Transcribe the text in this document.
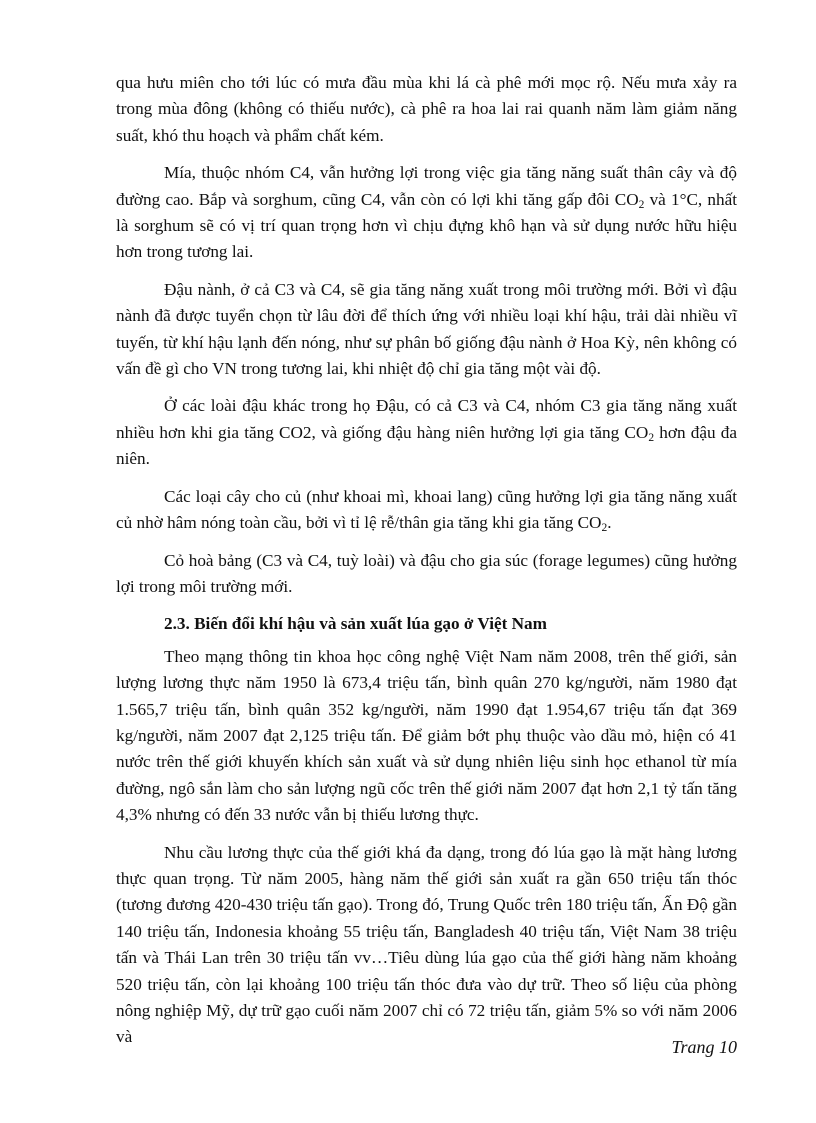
qua hưu miên cho tới lúc có mưa đầu mùa khi lá cà phê mới mọc rộ. Nếu mưa xảy ra trong mùa đông (không có thiếu nước), cà phê ra hoa lai rai quanh năm làm giảm năng suất, khó thu hoạch và phẩm chất kém.

Mía, thuộc nhóm C4, vẫn hưởng lợi trong việc gia tăng năng suất thân cây và độ đường cao. Bắp và sorghum, cũng C4, vẫn còn có lợi khi tăng gấp đôi $CO_2$ và 1°C, nhất là sorghum sẽ có vị trí quan trọng hơn vì chịu đựng khô hạn và sử dụng nước hữu hiệu hơn trong tương lai.

Đậu nành, ở cả C3 và C4, sẽ gia tăng năng xuất trong môi trường mới. Bởi vì đậu nành đã được tuyển chọn từ lâu đời để thích ứng với nhiều loại khí hậu, trải dài nhiều vĩ tuyến, từ khí hậu lạnh đến nóng, như sự phân bố giống đậu nành ở Hoa Kỳ, nên không có vấn đề gì cho VN trong tương lai, khi nhiệt độ chỉ gia tăng một vài độ.

Ở các loài đậu khác trong họ Đậu, có cả C3 và C4, nhóm C3 gia tăng năng xuất nhiều hơn khi gia tăng CO2, và giống đậu hàng niên hưởng lợi gia tăng $CO_2$ hơn đậu đa niên.

Các loại cây cho củ (như khoai mì, khoai lang) cũng hưởng lợi gia tăng năng xuất củ nhờ hâm nóng toàn cầu, bởi vì tỉ lệ rễ/thân gia tăng khi gia tăng $CO_2$.

Cỏ hoà bảng (C3 và C4, tuỳ loài) và đậu cho gia súc (forage legumes) cũng hưởng lợi trong môi trường mới.

2.3. Biến đổi khí hậu và sản xuất lúa gạo ở Việt Nam

Theo mạng thông tin khoa học công nghệ Việt Nam năm 2008, trên thế giới, sản lượng lương thực năm 1950 là 673,4 triệu tấn, bình quân 270 kg/người, năm 1980 đạt 1.565,7 triệu tấn, bình quân 352 kg/người, năm 1990 đạt 1.954,67 triệu tấn đạt 369 kg/người, năm 2007 đạt 2,125 triệu tấn. Để giảm bớt phụ thuộc vào dầu mỏ, hiện có 41 nước trên thế giới khuyến khích sản xuất và sử dụng nhiên liệu sinh học ethanol từ mía đường, ngô sắn làm cho sản lượng ngũ cốc trên thế giới năm 2007 đạt hơn 2,1 tỷ tấn tăng 4,3% nhưng có đến 33 nước vẫn bị thiếu lương thực.

Nhu cầu lương thực của thế giới khá đa dạng, trong đó lúa gạo là mặt hàng lương thực quan trọng. Từ năm 2005, hàng năm thế giới sản xuất ra gần 650 triệu tấn thóc (tương đương 420-430 triệu tấn gạo). Trong đó, Trung Quốc trên 180 triệu tấn, Ấn Độ gần 140 triệu tấn, Indonesia khoảng 55 triệu tấn, Bangladesh 40 triệu tấn, Việt Nam 38 triệu tấn và Thái Lan trên 30 triệu tấn vv…Tiêu dùng lúa gạo của thế giới hàng năm khoảng 520 triệu tấn, còn lại khoảng 100 triệu tấn thóc đưa vào dự trữ. Theo số liệu của phòng nông nghiệp Mỹ, dự trữ gạo cuối năm 2007 chỉ có 72 triệu tấn, giảm 5% so với năm 2006 và

Trang 10
